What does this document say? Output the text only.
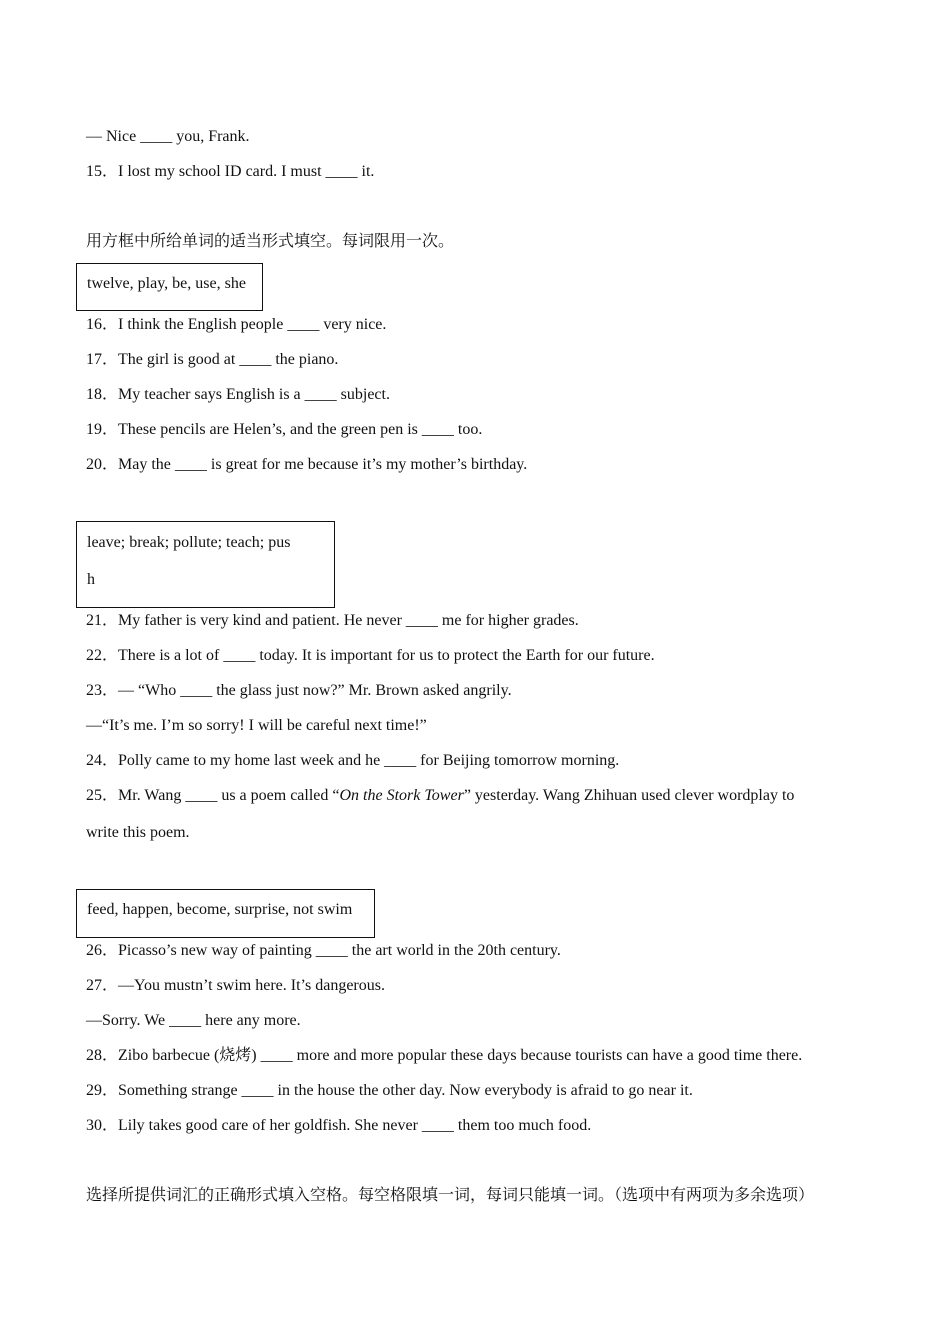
— Nice ____ you, Frank.
15．I lost my school ID card. I must ____ it.
用方框中所给单词的适当形式填空。每词限用一次。
twelve, play, be, use, she
16．I think the English people ____ very nice.
17．The girl is good at ____ the piano.
18．My teacher says English is a ____ subject.
19．These pencils are Helen’s, and the green pen is ____ too.
20．May the ____ is great for me because it’s my mother’s birthday.
leave; break; pollute; teach; pus
h
21．My father is very kind and patient. He never ____ me for higher grades.
22．There is a lot of ____ today. It is important for us to protect the Earth for our future.
23．— “Who ____ the glass just now?” Mr. Brown asked angrily.
—“It’s me. I’m so sorry! I will be careful next time!”
24．Polly came to my home last week and he ____ for Beijing tomorrow morning.
25．Mr. Wang ____ us a poem called “On the Stork Tower” yesterday. Wang Zhihuan used clever wordplay to
write this poem.
feed, happen, become, surprise, not swim
26．Picasso’s new way of painting ____ the art world in the 20th century.
27．—You mustn’t swim here. It’s dangerous.
—Sorry. We ____ here any more.
28．Zibo barbecue (烧烤) ____ more and more popular these days because tourists can have a good time there.
29．Something strange ____ in the house the other day. Now everybody is afraid to go near it.
30．Lily takes good care of her goldfish. She never ____ them too much food.
选择所提供词汇的正确形式填入空格。每空格限填一词，每词只能填一词。（选项中有两项为多余选项）
